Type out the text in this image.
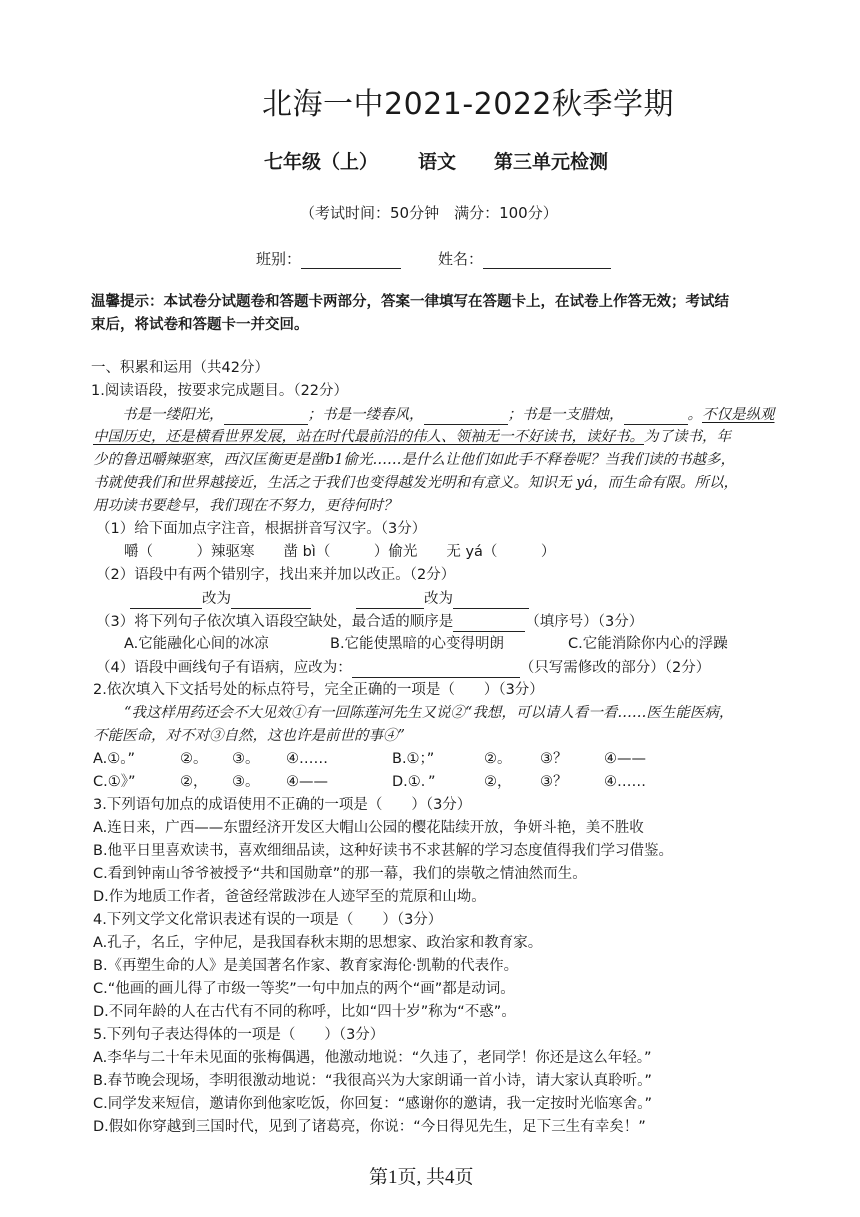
北海一中2021-2022秋季学期
七年级（上） 语文 第三单元检测
（考试时间：50分钟　满分：100分）
班别：	姓名：
温馨提示：本试卷分试题卷和答题卡两部分，答案一律填写在答题卡上，在试卷上作答无效；考试结
束后，将试卷和答题卡一并交回。
一、积累和运用（共42分）
1.阅读语段，按要求完成题目。（22分）
书是一缕阳光，	；书是一缕春风，	；书是一支腊烛，	。不仅是纵观
中国历史，还是横看世界发展，站在时代最前沿的伟人、领袖无一不好读书，读好书。为了读书，年
少的鲁迅嚼辣驱寒，西汉匡衡更是凿b1偷光……是什么让他们如此手不释卷呢？当我们读的书越多，
书就使我们和世界越接近，生活之于我们也变得越发光明和有意义。知识无 yá，而生命有限。所以，
用功读书要趁早，我们现在不努力，更待何时？
（1）给下面加点字注音，根据拼音写汉字。（3分）
嚼（　　　）辣驱寒　　凿 bì（　　　）偷光　　无 yá（　　　）
（2）语段中有两个错别字，找出来并加以改正。（2分）
改为	改为
（3）将下列句子依次填入语段空缺处，最合适的顺序是	（填序号）（3分）
A.它能融化心间的冰凉	B.它能使黑暗的心变得明朗	C.它能消除你内心的浮躁
（4）语段中画线句子有语病，应改为：	（只写需修改的部分）（2分）
2.依次填入下文括号处的标点符号，完全正确的一项是（　　）（3分）
“我这样用药还会不大见效①有一回陈莲河先生又说②“我想，可以请人看一看……医生能医病，
不能医命，对不对③自然，这也许是前世的事④”
A.①。”	②。 ③。 ④……	B.①；”	②。 ③？	④——
C.①》”	②， ③。 ④——	D.①．”	②， ③？	④……
3.下列语句加点的成语使用不正确的一项是（　　）（3分）
A.连日来，广西——东盟经济开发区大帽山公园的樱花陆续开放，争妍斗艳，美不胜收
B.他平日里喜欢读书，喜欢细细品读，这种好读书不求甚解的学习态度值得我们学习借鉴。
C.看到钟南山爷爷被授予“共和国勋章”的那一幕，我们的崇敬之情油然而生。
D.作为地质工作者，爸爸经常跋涉在人迹罕至的荒原和山坳。
4.下列文学文化常识表述有误的一项是（　　）（3分）
A.孔子，名丘，字仲尼，是我国春秋末期的思想家、政治家和教育家。
B.《再塑生命的人》是美国著名作家、教育家海伦·凯勒的代表作。
C.“他画的画儿得了市级一等奖”一句中加点的两个“画”都是动词。
D.不同年龄的人在古代有不同的称呼，比如“四十岁”称为“不惑”。
5.下列句子表达得体的一项是（　　）（3分）
A.李华与二十年未见面的张梅偶遇，他激动地说：“久违了，老同学！你还是这么年轻。”
B.春节晚会现场，李明很激动地说：“我很高兴为大家朗诵一首小诗，请大家认真聆听。”
C.同学发来短信，邀请你到他家吃饭，你回复：“感谢你的邀请，我一定按时光临寒舍。”
D.假如你穿越到三国时代，见到了诸葛亮，你说：“今日得见先生，足下三生有幸矣！”
第1页, 共4页
